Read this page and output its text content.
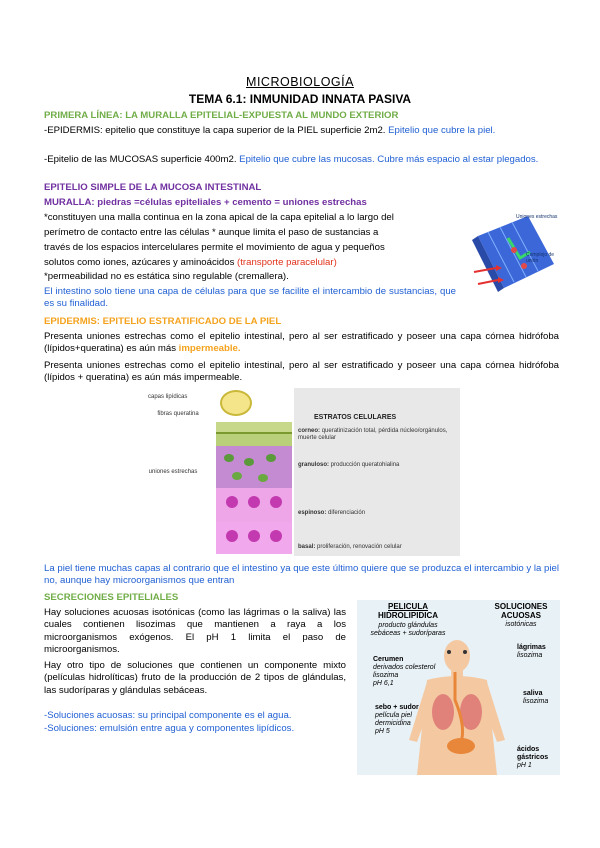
MICROBIOLOGÍA
TEMA 6.1: INMUNIDAD INNATA PASIVA
PRIMERA LÍNEA: LA MURALLA EPITELIAL-EXPUESTA AL MUNDO EXTERIOR
-EPIDERMIS: epitelio que constituye la capa superior de la PIEL superficie 2m2. Epitelio que cubre la piel.
-Epitelio de las MUCOSAS superficie 400m2. Epitelio que cubre las mucosas. Cubre más espacio al estar plegados.
EPITELIO SIMPLE DE LA MUCOSA INTESTINAL
MURALLA: piedras =células epiteliales + cemento = uniones estrechas
*constituyen una malla continua en la zona apical de la capa epitelial a lo largo del
perímetro de contacto entre las células * aunque limita el paso de sustancias a
través de los espacios intercelulares permite el movimiento de agua y pequeños
solutos como iones, azúcares y aminoácidos (transporte paracelular)
*permeabilidad no es estática sino regulable (cremallera).
El intestino solo tiene una capa de células para que se facilite el intercambio de sustancias, que es su finalidad.
Uniones estrechas
Complejo de unión
EPIDERMIS: EPITELIO ESTRATIFICADO DE LA PIEL
Presenta uniones estrechas como el epitelio intestinal, pero al ser estratificado y poseer una capa córnea hidrófoba (lípidos+queratina) es aún más impermeable.
Presenta uniones estrechas como el epitelio intestinal, pero al ser estratificado y poseer una capa córnea hidrófoba (lípidos + queratina) es aún más impermeable.
capas lipídicas
fibras queratina
uniones estrechas
ESTRATOS CELULARES
corneo: queratinización total, pérdida núcleo/orgánulos, muerte celular
granuloso: producción queratohialina
espinoso: diferenciación
basal: proliferación, renovación celular
La piel tiene muchas capas al contrario que el intestino ya que este último quiere que se produzca el intercambio y la piel no, aunque hay microorganismos que entran
SECRECIONES EPITELIALES
Hay soluciones acuosas isotónicas (como las lágrimas o la saliva) las cuales contienen lisozimas que mantienen a raya a los microorganismos exógenos. El pH 1 limita el paso de microorganismos.
Hay otro tipo de soluciones que contienen un componente mixto (películas hidrolíticas) fruto de la producción de 2 tipos de glándulas, las sudoríparas y glándulas sebáceas.
-Soluciones acuosas: su principal componente es el agua.
-Soluciones: emulsión entre agua y componentes lipídicos.
PELICULA
HIDROLIPIDICA
producto glándulas
sebáceas + sudoríparas
SOLUCIONES
ACUOSAS
isotónicas
Cerumen
derivados colesterol
lisozima
pH 6,1
sebo + sudor
película piel
dermicidina
pH 5
lágrimas
lisozima
saliva
lisozima
ácidos
gástricos
pH 1
